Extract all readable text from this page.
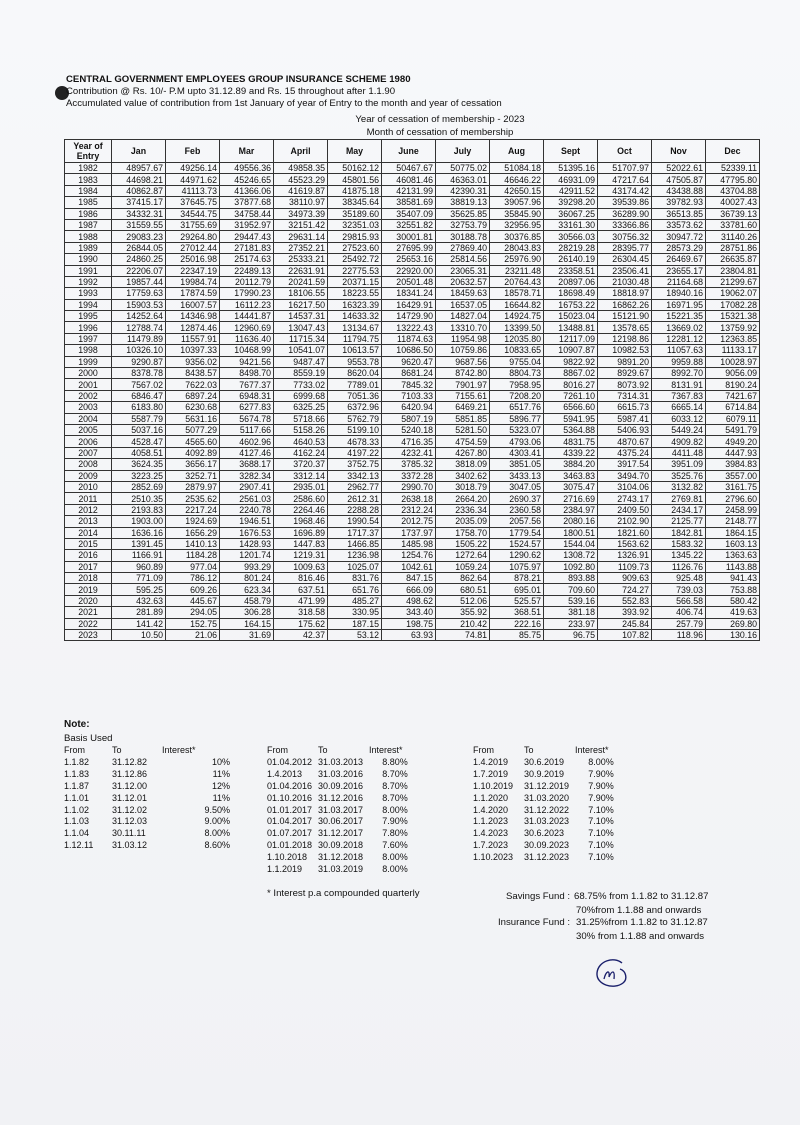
CENTRAL GOVERNMENT EMPLOYEES GROUP INSURANCE SCHEME 1980
Contribution @ Rs. 10/- P.M upto 31.12.89 and Rs. 15 throughout after 1.1.90
Accumulated value of contribution from 1st January of year of Entry to the month and year of cessation
Year of cessation of membership - 2023
Month of cessation of membership
Year of Entry	Jan	Feb	Mar	April	May	June	July	Aug	Sept	Oct	Nov	Dec
1982	48957.67	49256.14	49556.36	49858.35	50162.12	50467.67	50775.02	51084.18	51395.16	51707.97	52022.61	52339.11
1983	44698.21	44971.62	45246.65	45523.29	45801.56	46081.46	46363.01	46646.22	46931.09	47217.64	47505.87	47795.80
1984	40862.87	41113.73	41366.06	41619.87	41875.18	42131.99	42390.31	42650.15	42911.52	43174.42	43438.88	43704.88
1985	37415.17	37645.75	37877.68	38110.97	38345.64	38581.69	38819.13	39057.96	39298.20	39539.86	39782.93	40027.43
1986	34332.31	34544.75	34758.44	34973.39	35189.60	35407.09	35625.85	35845.90	36067.25	36289.90	36513.85	36739.13
1987	31559.55	31755.69	31952.97	32151.42	32351.03	32551.82	32753.79	32956.95	33161.30	33366.86	33573.62	33781.60
1988	29083.23	29264.80	29447.43	29631.14	29815.93	30001.81	30188.78	30376.85	30566.03	30756.32	30947.72	31140.26
1989	26844.05	27012.44	27181.83	27352.21	27523.60	27695.99	27869.40	28043.83	28219.28	28395.77	28573.29	28751.86
1990	24860.25	25016.98	25174.63	25333.21	25492.72	25653.16	25814.56	25976.90	26140.19	26304.45	26469.67	26635.87
1991	22206.07	22347.19	22489.13	22631.91	22775.53	22920.00	23065.31	23211.48	23358.51	23506.41	23655.17	23804.81
1992	19857.44	19984.74	20112.79	20241.59	20371.15	20501.48	20632.57	20764.43	20897.06	21030.48	21164.68	21299.67
1993	17759.63	17874.59	17990.23	18106.55	18223.55	18341.24	18459.63	18578.71	18698.49	18818.97	18940.16	19062.07
1994	15903.53	16007.57	16112.23	16217.50	16323.39	16429.91	16537.05	16644.82	16753.22	16862.26	16971.95	17082.28
1995	14252.64	14346.98	14441.87	14537.31	14633.32	14729.90	14827.04	14924.75	15023.04	15121.90	15221.35	15321.38
1996	12788.74	12874.46	12960.69	13047.43	13134.67	13222.43	13310.70	13399.50	13488.81	13578.65	13669.02	13759.92
1997	11479.89	11557.91	11636.40	11715.34	11794.75	11874.63	11954.98	12035.80	12117.09	12198.86	12281.12	12363.85
1998	10326.10	10397.33	10468.99	10541.07	10613.57	10686.50	10759.86	10833.65	10907.87	10982.53	11057.63	11133.17
1999	9290.87	9356.02	9421.56	9487.47	9553.78	9620.47	9687.56	9755.04	9822.92	9891.20	9959.88	10028.97
2000	8378.78	8438.57	8498.70	8559.19	8620.04	8681.24	8742.80	8804.73	8867.02	8929.67	8992.70	9056.09
2001	7567.02	7622.03	7677.37	7733.02	7789.01	7845.32	7901.97	7958.95	8016.27	8073.92	8131.91	8190.24
2002	6846.47	6897.24	6948.31	6999.68	7051.36	7103.33	7155.61	7208.20	7261.10	7314.31	7367.83	7421.67
2003	6183.80	6230.68	6277.83	6325.25	6372.96	6420.94	6469.21	6517.76	6566.60	6615.73	6665.14	6714.84
2004	5587.79	5631.16	5674.78	5718.66	5762.79	5807.19	5851.85	5896.77	5941.95	5987.41	6033.12	6079.11
2005	5037.16	5077.29	5117.66	5158.26	5199.10	5240.18	5281.50	5323.07	5364.88	5406.93	5449.24	5491.79
2006	4528.47	4565.60	4602.96	4640.53	4678.33	4716.35	4754.59	4793.06	4831.75	4870.67	4909.82	4949.20
2007	4058.51	4092.89	4127.46	4162.24	4197.22	4232.41	4267.80	4303.41	4339.22	4375.24	4411.48	4447.93
2008	3624.35	3656.17	3688.17	3720.37	3752.75	3785.32	3818.09	3851.05	3884.20	3917.54	3951.09	3984.83
2009	3223.25	3252.71	3282.34	3312.14	3342.13	3372.28	3402.62	3433.13	3463.83	3494.70	3525.76	3557.00
2010	2852.69	2879.97	2907.41	2935.01	2962.77	2990.70	3018.79	3047.05	3075.47	3104.06	3132.82	3161.75
2011	2510.35	2535.62	2561.03	2586.60	2612.31	2638.18	2664.20	2690.37	2716.69	2743.17	2769.81	2796.60
2012	2193.83	2217.24	2240.78	2264.46	2288.28	2312.24	2336.34	2360.58	2384.97	2409.50	2434.17	2458.99
2013	1903.00	1924.69	1946.51	1968.46	1990.54	2012.75	2035.09	2057.56	2080.16	2102.90	2125.77	2148.77
2014	1636.16	1656.29	1676.53	1696.89	1717.37	1737.97	1758.70	1779.54	1800.51	1821.60	1842.81	1864.15
2015	1391.45	1410.13	1428.93	1447.83	1466.85	1485.98	1505.22	1524.57	1544.04	1563.62	1583.32	1603.13
2016	1166.91	1184.28	1201.74	1219.31	1236.98	1254.76	1272.64	1290.62	1308.72	1326.91	1345.22	1363.63
2017	960.89	977.04	993.29	1009.63	1025.07	1042.61	1059.24	1075.97	1092.80	1109.73	1126.76	1143.88
2018	771.09	786.12	801.24	816.46	831.76	847.15	862.64	878.21	893.88	909.63	925.48	941.43
2019	595.25	609.26	623.34	637.51	651.76	666.09	680.51	695.01	709.60	724.27	739.03	753.88
2020	432.63	445.67	458.79	471.99	485.27	498.62	512.06	525.57	539.16	552.83	566.58	580.42
2021	281.89	294.05	306.28	318.58	330.95	343.40	355.92	368.51	381.18	393.92	406.74	419.63
2022	141.42	152.75	164.15	175.62	187.15	198.75	210.42	222.16	233.97	245.84	257.79	269.80
2023	10.50	21.06	31.69	42.37	53.12	63.93	74.81	85.75	96.75	107.82	118.96	130.16
Note:
Basis Used
From	To	Interest*
1.1.82	31.12.82	10%
1.1.83	31.12.86	11%
1.1.87	31.12.00	12%
1.1.01	31.12.01	11%
1.1.02	31.12.02	9.50%
1.1.03	31.12.03	9.00%
1.1.04	30.11.11	8.00%
1.12.11	31.03.12	8.60%
From	To	Interest*
01.04.2012	31.03.2013	8.80%
1.4.2013	31.03.2016	8.70%
01.04.2016	30.09.2016	8.70%
01.10.2016	31.12.2016	8.70%
01.01.2017	31.03.2017	8.00%
01.04.2017	30.06.2017	7.90%
01.07.2017	31.12.2017	7.80%
01.01.2018	30.09.2018	7.60%
1.10.2018	31.12.2018	8.00%
1.1.2019	31.03.2019	8.00%
From	To	Interest*
1.4.2019	30.6.2019	8.00%
1.7.2019	30.9.2019	7.90%
1.10.2019	31.12.2019	7.90%
1.1.2020	31.03.2020	7.90%
1.4.2020	31.12.2022	7.10%
1.1.2023	31.03.2023	7.10%
1.4.2023	30.6.2023	7.10%
1.7.2023	30.09.2023	7.10%
1.10.2023	31.12.2023	7.10%
* Interest p.a compounded quarterly	Savings Fund : 68.75% from 1.1.82 to 31.12.87
70%from 1.1.88 and onwards
Insurance Fund : 31.25%from 1.1.82 to 31.12.87
30% from 1.1.88 and onwards
